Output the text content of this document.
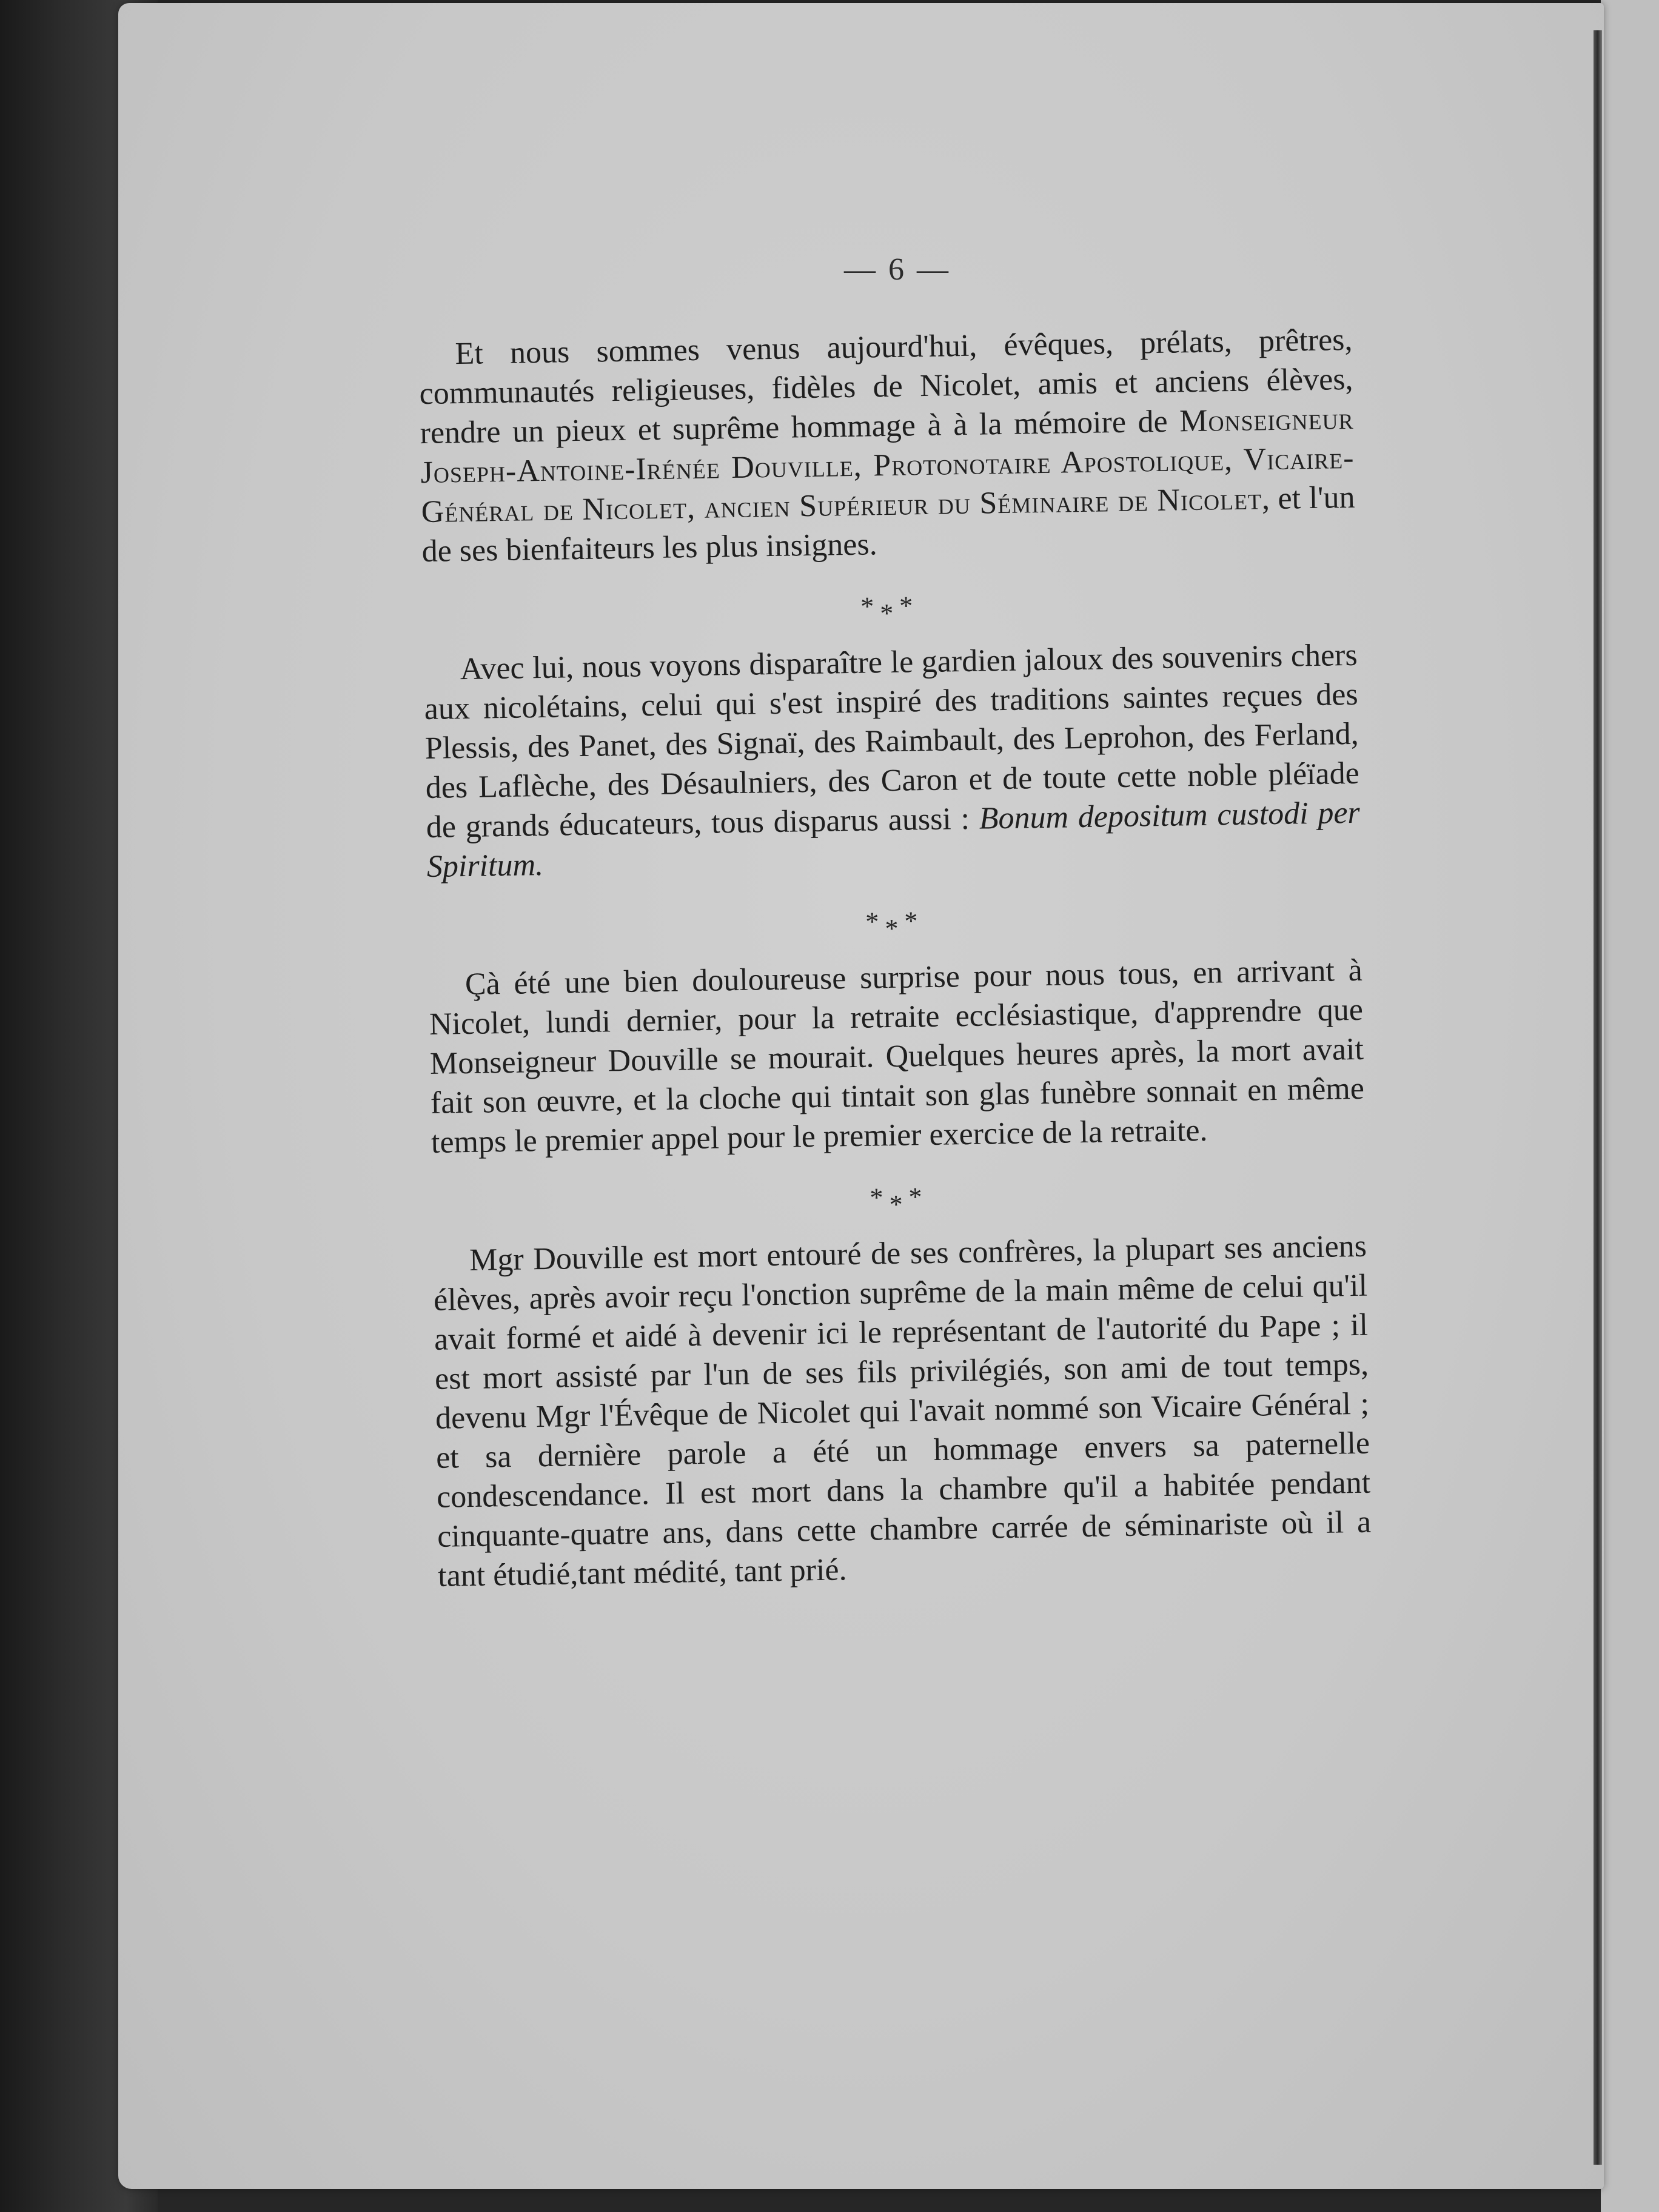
— 6 —

Et nous sommes venus aujourd'hui, évêques, prélats, prêtres, communautés religieuses, fidèles de Nicolet, amis et anciens élèves, rendre un pieux et suprême hommage à à la mémoire de Monseigneur Joseph-Antoine-Irénée Douville, Protonotaire Apostolique, Vicaire-Général de Nicolet, ancien Supérieur du Séminaire de Nicolet, et l'un de ses bienfaiteurs les plus insignes.

***

Avec lui, nous voyons disparaître le gardien jaloux des souvenirs chers aux nicolétains, celui qui s'est inspiré des traditions saintes reçues des Plessis, des Panet, des Signaï, des Raimbault, des Leprohon, des Ferland, des Laflèche, des Désaulniers, des Caron et de toute cette noble pléïade de grands éducateurs, tous disparus aussi : Bonum depositum custodi per Spiritum.

***

Çà été une bien douloureuse surprise pour nous tous, en arrivant à Nicolet, lundi dernier, pour la retraite ecclésiastique, d'apprendre que Monseigneur Douville se mourait. Quelques heures après, la mort avait fait son œuvre, et la cloche qui tintait son glas funèbre sonnait en même temps le premier appel pour le premier exercice de la retraite.

***

Mgr Douville est mort entouré de ses confrères, la plupart ses anciens élèves, après avoir reçu l'onction suprême de la main même de celui qu'il avait formé et aidé à devenir ici le représentant de l'autorité du Pape ; il est mort assisté par l'un de ses fils privilégiés, son ami de tout temps, devenu Mgr l'Évêque de Nicolet qui l'avait nommé son Vicaire Général ; et sa dernière parole a été un hommage envers sa paternelle condescendance. Il est mort dans la chambre qu'il a habitée pendant cinquante-quatre ans, dans cette chambre carrée de séminariste où il a tant étudié,tant médité, tant prié.
